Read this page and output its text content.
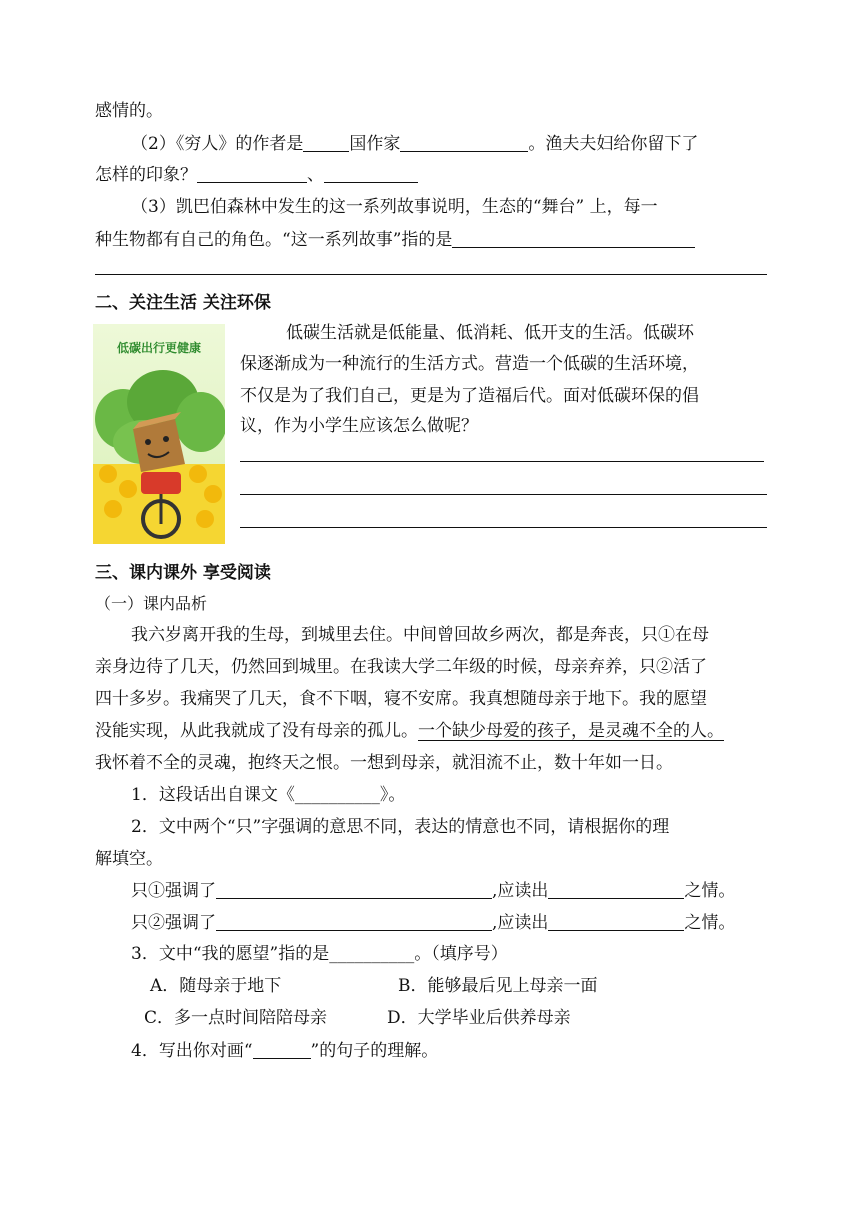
感情的。
（2）《穷人》的作者是	国作家	。渔夫夫妇给你留下了
怎样的印象？	、
（3）凯巴伯森林中发生的这一系列故事说明，生态的“舞台” 上，每一
种生物都有自己的角色。“这一系列故事”指的是
二、关注生活 关注环保
低碳出行更健康
低碳生活就是低能量、低消耗、低开支的生活。低碳环
保逐渐成为一种流行的生活方式。营造一个低碳的生活环境，
不仅是为了我们自己，更是为了造福后代。面对低碳环保的倡
议，作为小学生应该怎么做呢？
三、课内课外 享受阅读
（一）课内品析
我六岁离开我的生母，到城里去住。中间曾回故乡两次，都是奔丧，只①在母
亲身边待了几天，仍然回到城里。在我读大学二年级的时候，母亲弃养，只②活了
四十多岁。我痛哭了几天，食不下咽，寝不安席。我真想随母亲于地下。我的愿望
没能实现，从此我就成了没有母亲的孤儿。一个缺少母爱的孩子，是灵魂不全的人。
我怀着不全的灵魂，抱终天之恨。一想到母亲，就泪流不止，数十年如一日。
1．这段话出自课文《__________》。
2．文中两个“只”字强调的意思不同，表达的情意也不同，请根据你的理
解填空。
只①强调了	,应读出	之情。
只②强调了	,应读出	之情。
3．文中“我的愿望”指的是__________。（填序号）
A．随母亲于地下	B．能够最后见上母亲一面
C．多一点时间陪陪母亲	D．大学毕业后供养母亲
4．写出你对画“	”的句子的理解。
